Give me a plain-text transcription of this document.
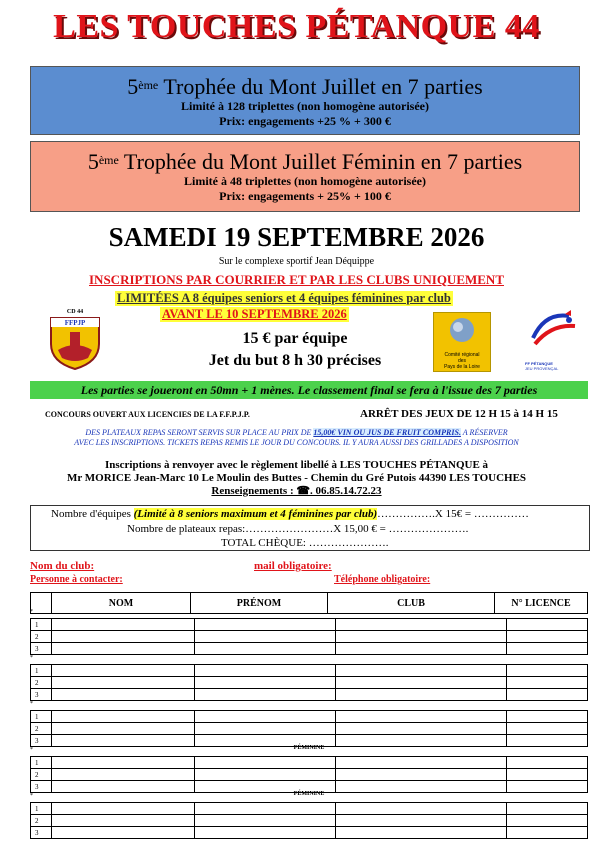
LES TOUCHES PÉTANQUE 44
5ème Trophée du Mont Juillet en 7 parties
Limité à 128 triplettes (non homogène autorisée)
Prix: engagements +25 % + 300 €
5ème Trophée du Mont Juillet Féminin en 7 parties
Limité à 48 triplettes (non homogène autorisée)
Prix: engagements + 25% + 100 €
SAMEDI 19 SEPTEMBRE 2026
Sur le complexe sportif Jean Déquippe
INSCRIPTIONS PAR COURRIER ET PAR LES CLUBS UNIQUEMENT
LIMITÉES A 8 équipes seniors et 4 équipes féminines par club
AVANT LE 10 SEPTEMBRE 2026
CD 44
FFPJP
15 € par équipe
Jet du but 8 h 30 précises	Comité régional
des
Pays de la Loire
FF PÉTANQUE
JEU PROVENÇAL
Les parties se joueront en 50mn + 1 mènes. Le classement final se fera à l'issue des 7 parties
CONCOURS OUVERT AUX LICENCIES DE LA F.F.P.J.P.	ARRÊT DES JEUX DE 12 H 15 à 14 H 15
DES PLATEAUX REPAS SERONT SERVIS SUR PLACE AU PRIX DE 15,00€ VIN OU JUS DE FRUIT COMPRIS. A RÉSERVER
AVEC LES INSCRIPTIONS. TICKETS REPAS REMIS LE JOUR DU CONCOURS. IL Y AURA AUSSI DES GRILLADES A DISPOSITION
Inscriptions à renvoyer avec le règlement libellé à LES TOUCHES PÉTANQUE à
Mr MORICE Jean-Marc 10 Le Moulin des Buttes - Chemin du Gré Putois 44390 LES TOUCHES
Renseignements : ☎. 06.85.14.72.23
Nombre d'équipes (Limité à 8 seniors maximum et 4 féminines par club)…………….X 15€ = ……………
Nombre de plateaux repas:……………………X 15,00 € = ………………….
TOTAL CHÈQUE: ………………….
Nom du club:	mail obligatoire:
Personne à contacter:	Téléphone obligatoire:
	NOM	PRÉNOM	CLUB	N° LICENCE
*
1				
2				
3				
*
1				
2				
3				
*
1				
2				
3				
*	FÉMININE
1				
2				
3				
*	FÉMININE
1				
2				
3				
